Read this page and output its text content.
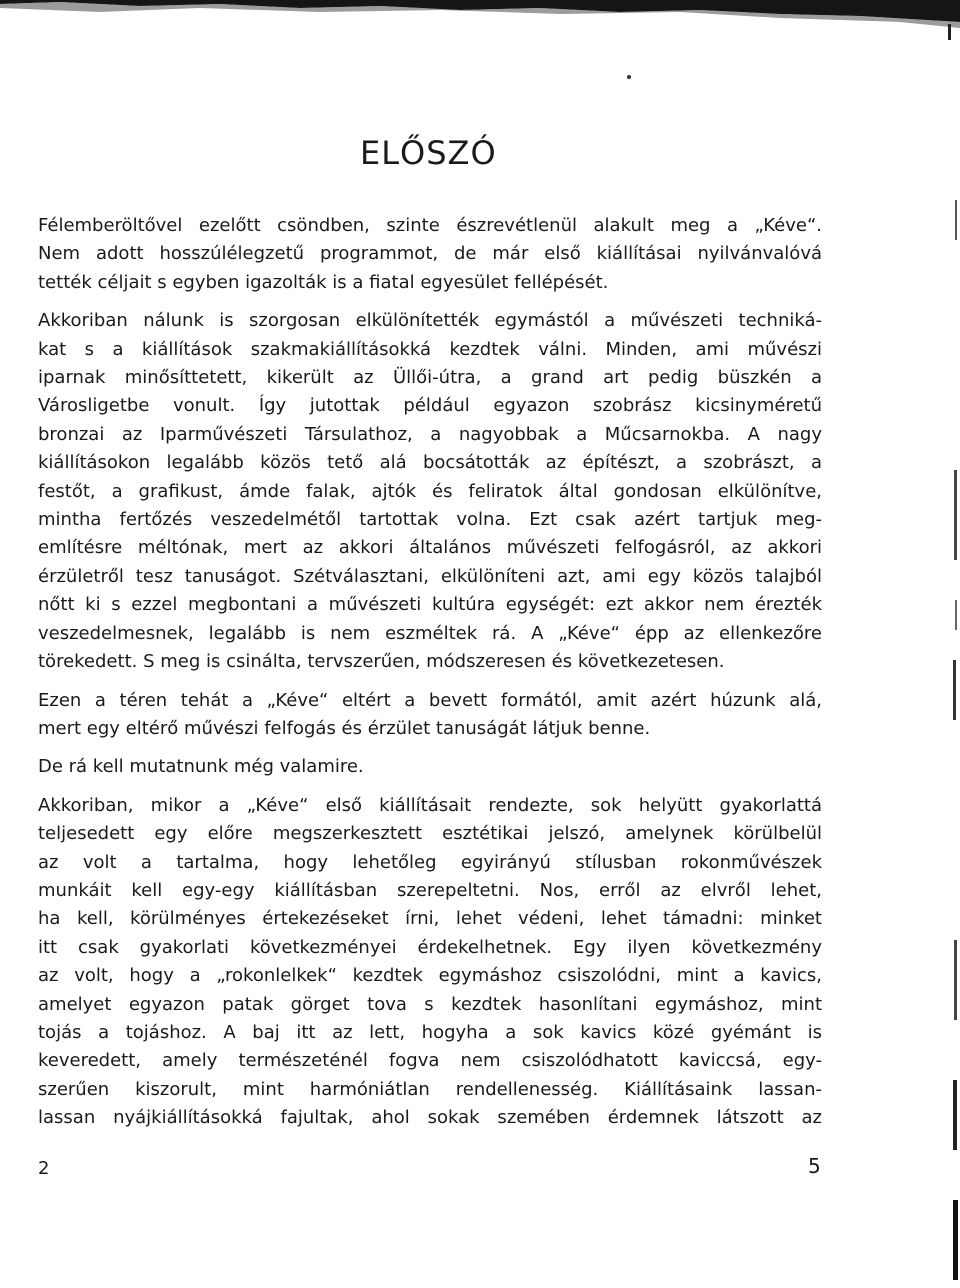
ELŐSZÓ

Félemberöltővel ezelőtt csöndben, szinte észrevétlenül alakult meg a „Kéve“.
Nem adott hosszúlélegzetű programmot, de már első kiállításai nyilvánvalóvá
tették céljait s egyben igazolták is a fiatal egyesület fellépését.

Akkoriban nálunk is szorgosan elkülönítették egymástól a művészeti techniká-
kat s a kiállítások szakmakiállításokká kezdtek válni. Minden, ami művészi
iparnak minősíttetett, kikerült az Üllői-útra, a grand art pedig büszkén a
Városligetbe vonult. Így jutottak például egyazon szobrász kicsinyméretű
bronzai az Iparművészeti Társulathoz, a nagyobbak a Műcsarnokba. A nagy
kiállításokon legalább közös tető alá bocsátották az építészt, a szobrászt, a
festőt, a grafikust, ámde falak, ajtók és feliratok által gondosan elkülönítve,
mintha fertőzés veszedelmétől tartottak volna. Ezt csak azért tartjuk meg-
említésre méltónak, mert az akkori általános művészeti felfogásról, az akkori
érzületről tesz tanuságot. Szétválasztani, elkülöníteni azt, ami egy közös talajból
nőtt ki s ezzel megbontani a művészeti kultúra egységét: ezt akkor nem érezték
veszedelmesnek, legalább is nem eszméltek rá. A „Kéve“ épp az ellenkezőre
törekedett. S meg is csinálta, tervszerűen, módszeresen és következetesen.

Ezen a téren tehát a „Kéve“ eltért a bevett formától, amit azért húzunk alá,
mert egy eltérő művészi felfogás és érzület tanuságát látjuk benne.

De rá kell mutatnunk még valamire.

Akkoriban, mikor a „Kéve“ első kiállításait rendezte, sok helyütt gyakorlattá
teljesedett egy előre megszerkesztett esztétikai jelszó, amelynek körülbelül
az volt a tartalma, hogy lehetőleg egyirányú stílusban rokonművészek
munkáit kell egy-egy kiállításban szerepeltetni. Nos, erről az elvről lehet,
ha kell, körülményes értekezéseket írni, lehet védeni, lehet támadni: minket
itt csak gyakorlati következményei érdekelhetnek. Egy ilyen következmény
az volt, hogy a „rokonlelkek“ kezdtek egymáshoz csiszolódni, mint a kavics,
amelyet egyazon patak görget tova s kezdtek hasonlítani egymáshoz, mint
tojás a tojáshoz. A baj itt az lett, hogyha a sok kavics közé gyémánt is
keveredett, amely természeténél fogva nem csiszolódhatott kaviccsá, egy-
szerűen kiszorult, mint harmóniátlan rendellenesség. Kiállításaink lassan-
lassan nyájkiállításokká fajultak, ahol sokak szemében érdemnek látszott az

2	5
